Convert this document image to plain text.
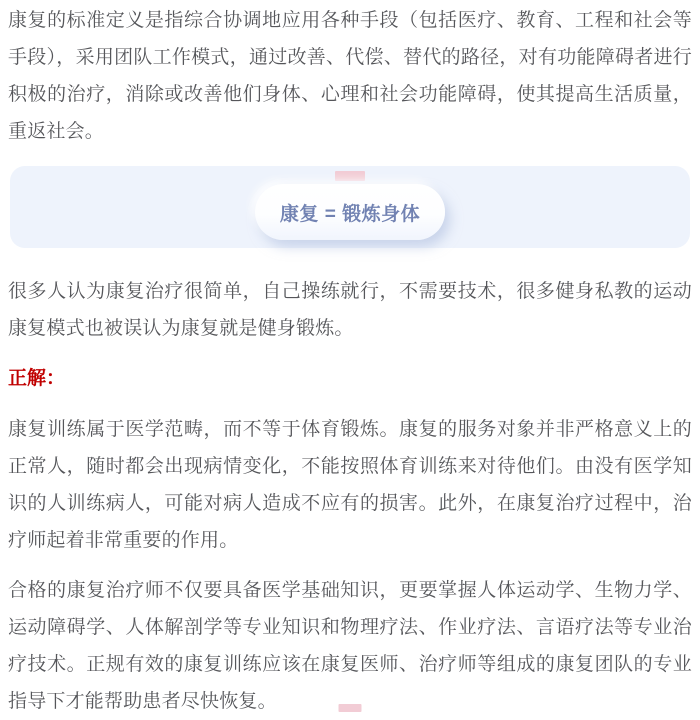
康复的标准定义是指综合协调地应用各种手段（包括医疗、教育、工程和社会等手段），采用团队工作模式，通过改善、代偿、替代的路径，对有功能障碍者进行积极的治疗，消除或改善他们身体、心理和社会功能障碍，使其提高生活质量，重返社会。

康复 = 锻炼身体

很多人认为康复治疗很简单，自己操练就行，不需要技术，很多健身私教的运动康复模式也被误认为康复就是健身锻炼。

正解：

康复训练属于医学范畴，而不等于体育锻炼。康复的服务对象并非严格意义上的正常人，随时都会出现病情变化，不能按照体育训练来对待他们。由没有医学知识的人训练病人，可能对病人造成不应有的损害。此外，在康复治疗过程中，治疗师起着非常重要的作用。

合格的康复治疗师不仅要具备医学基础知识，更要掌握人体运动学、生物力学、运动障碍学、人体解剖学等专业知识和物理疗法、作业疗法、言语疗法等专业治疗技术。正规有效的康复训练应该在康复医师、治疗师等组成的康复团队的专业指导下才能帮助患者尽快恢复。
